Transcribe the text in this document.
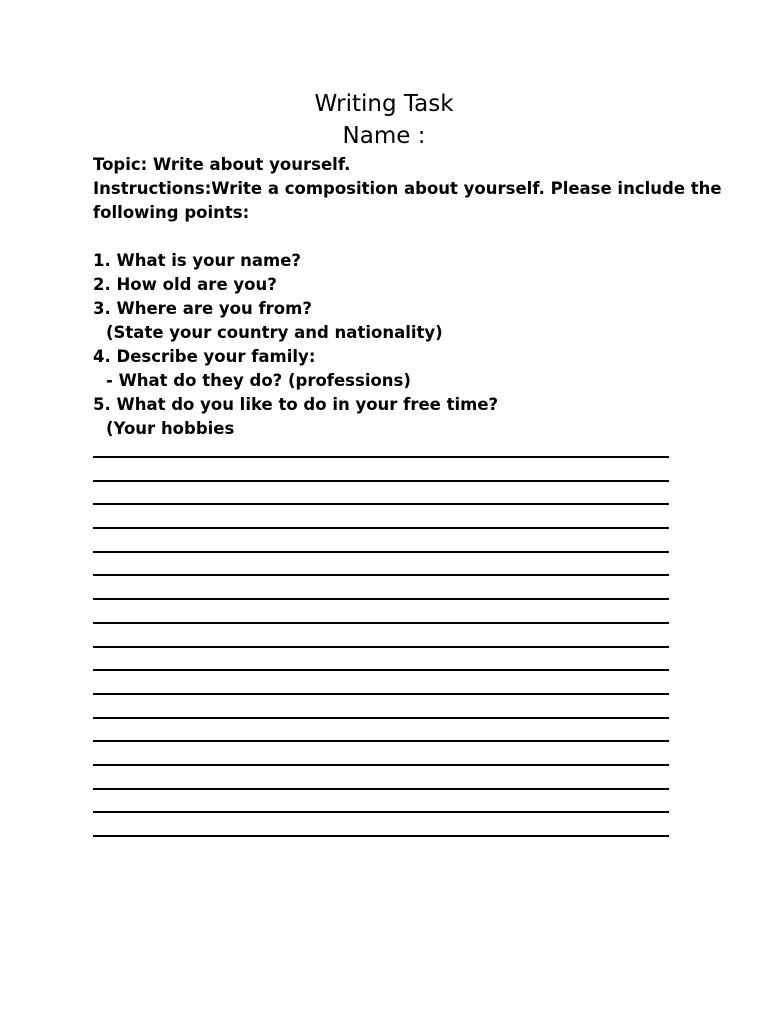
Writing Task
Name :
Topic: Write about yourself.
Instructions:Write a composition about yourself. Please include the
following points:
1. What is your name?
2. How old are you?
3. Where are you from?
(State your country and nationality)
4. Describe your family:
- What do they do? (professions)
5. What do you like to do in your free time?
(Your hobbies
